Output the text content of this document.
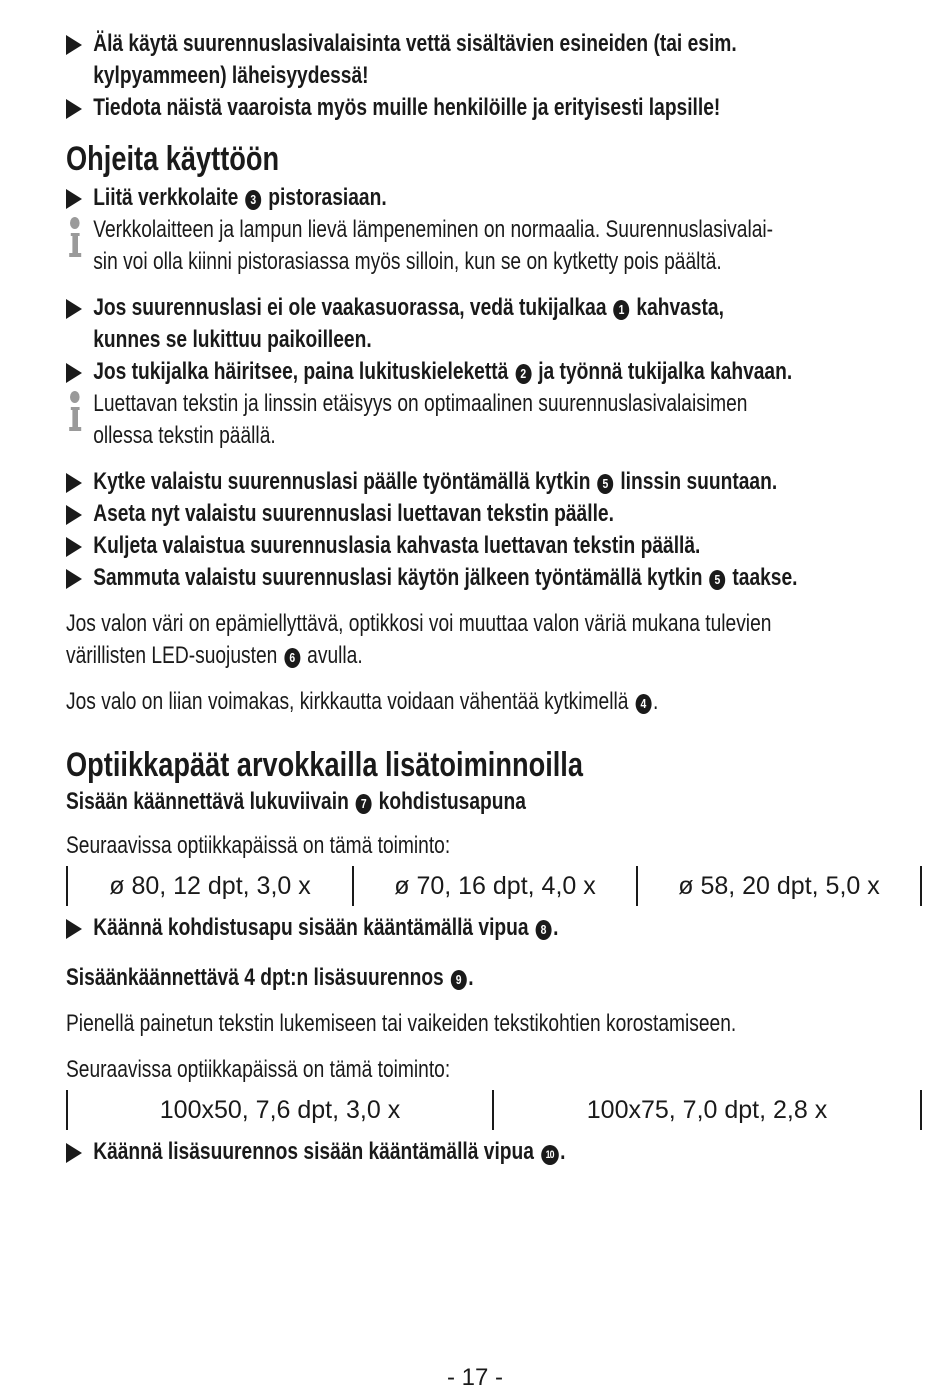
Älä käytä suurennuslasivalaisinta vettä sisältävien esineiden (tai esim.
kylpyammeen) läheisyydessä!
Tiedota näistä vaaroista myös muille henkilöille ja erityisesti lapsille!
Ohjeita käyttöön
Liitä verkkolaite 3 pistorasiaan.
Verkkolaitteen ja lampun lievä lämpeneminen on normaalia. Suurennuslasivalai-
sin voi olla kiinni pistorasiassa myös silloin, kun se on kytketty pois päältä.
Jos suurennuslasi ei ole vaakasuorassa, vedä tukijalkaa 1 kahvasta,
kunnes se lukittuu paikoilleen.
Jos tukijalka häiritsee, paina lukituskielekettä 2 ja työnnä tukijalka kahvaan.
Luettavan tekstin ja linssin etäisyys on optimaalinen suurennuslasivalaisimen
ollessa tekstin päällä.
Kytke valaistu suurennuslasi päälle työntämällä kytkin 5 linssin suuntaan.
Aseta nyt valaistu suurennuslasi luettavan tekstin päälle.
Kuljeta valaistua suurennuslasia kahvasta luettavan tekstin päällä.
Sammuta valaistu suurennuslasi käytön jälkeen työntämällä kytkin 5 taakse.
Jos valon väri on epämiellyttävä, optikkosi voi muuttaa valon väriä mukana tulevien
värillisten LED-suojusten 6 avulla.
Jos valo on liian voimakas, kirkkautta voidaan vähentää kytkimellä 4 .
Optiikkapäät arvokkailla lisätoiminnoilla
Sisään käännettävä lukuviivain 7 kohdistusapuna
Seuraavissa optiikkapäissä on tämä toiminto:
ø 80, 12 dpt, 3,0 x	ø 70, 16 dpt, 4,0 x	ø 58, 20 dpt, 5,0 x
Käännä kohdistusapu sisään kääntämällä vipua 8 .
Sisäänkäännettävä 4 dpt:n lisäsuurennos 9 .
Pienellä painetun tekstin lukemiseen tai vaikeiden tekstikohtien korostamiseen.
Seuraavissa optiikkapäissä on tämä toiminto:
100x50, 7,6 dpt, 3,0 x	100x75, 7,0 dpt, 2,8 x
Käännä lisäsuurennos sisään kääntämällä vipua 10 .
- 17 -
